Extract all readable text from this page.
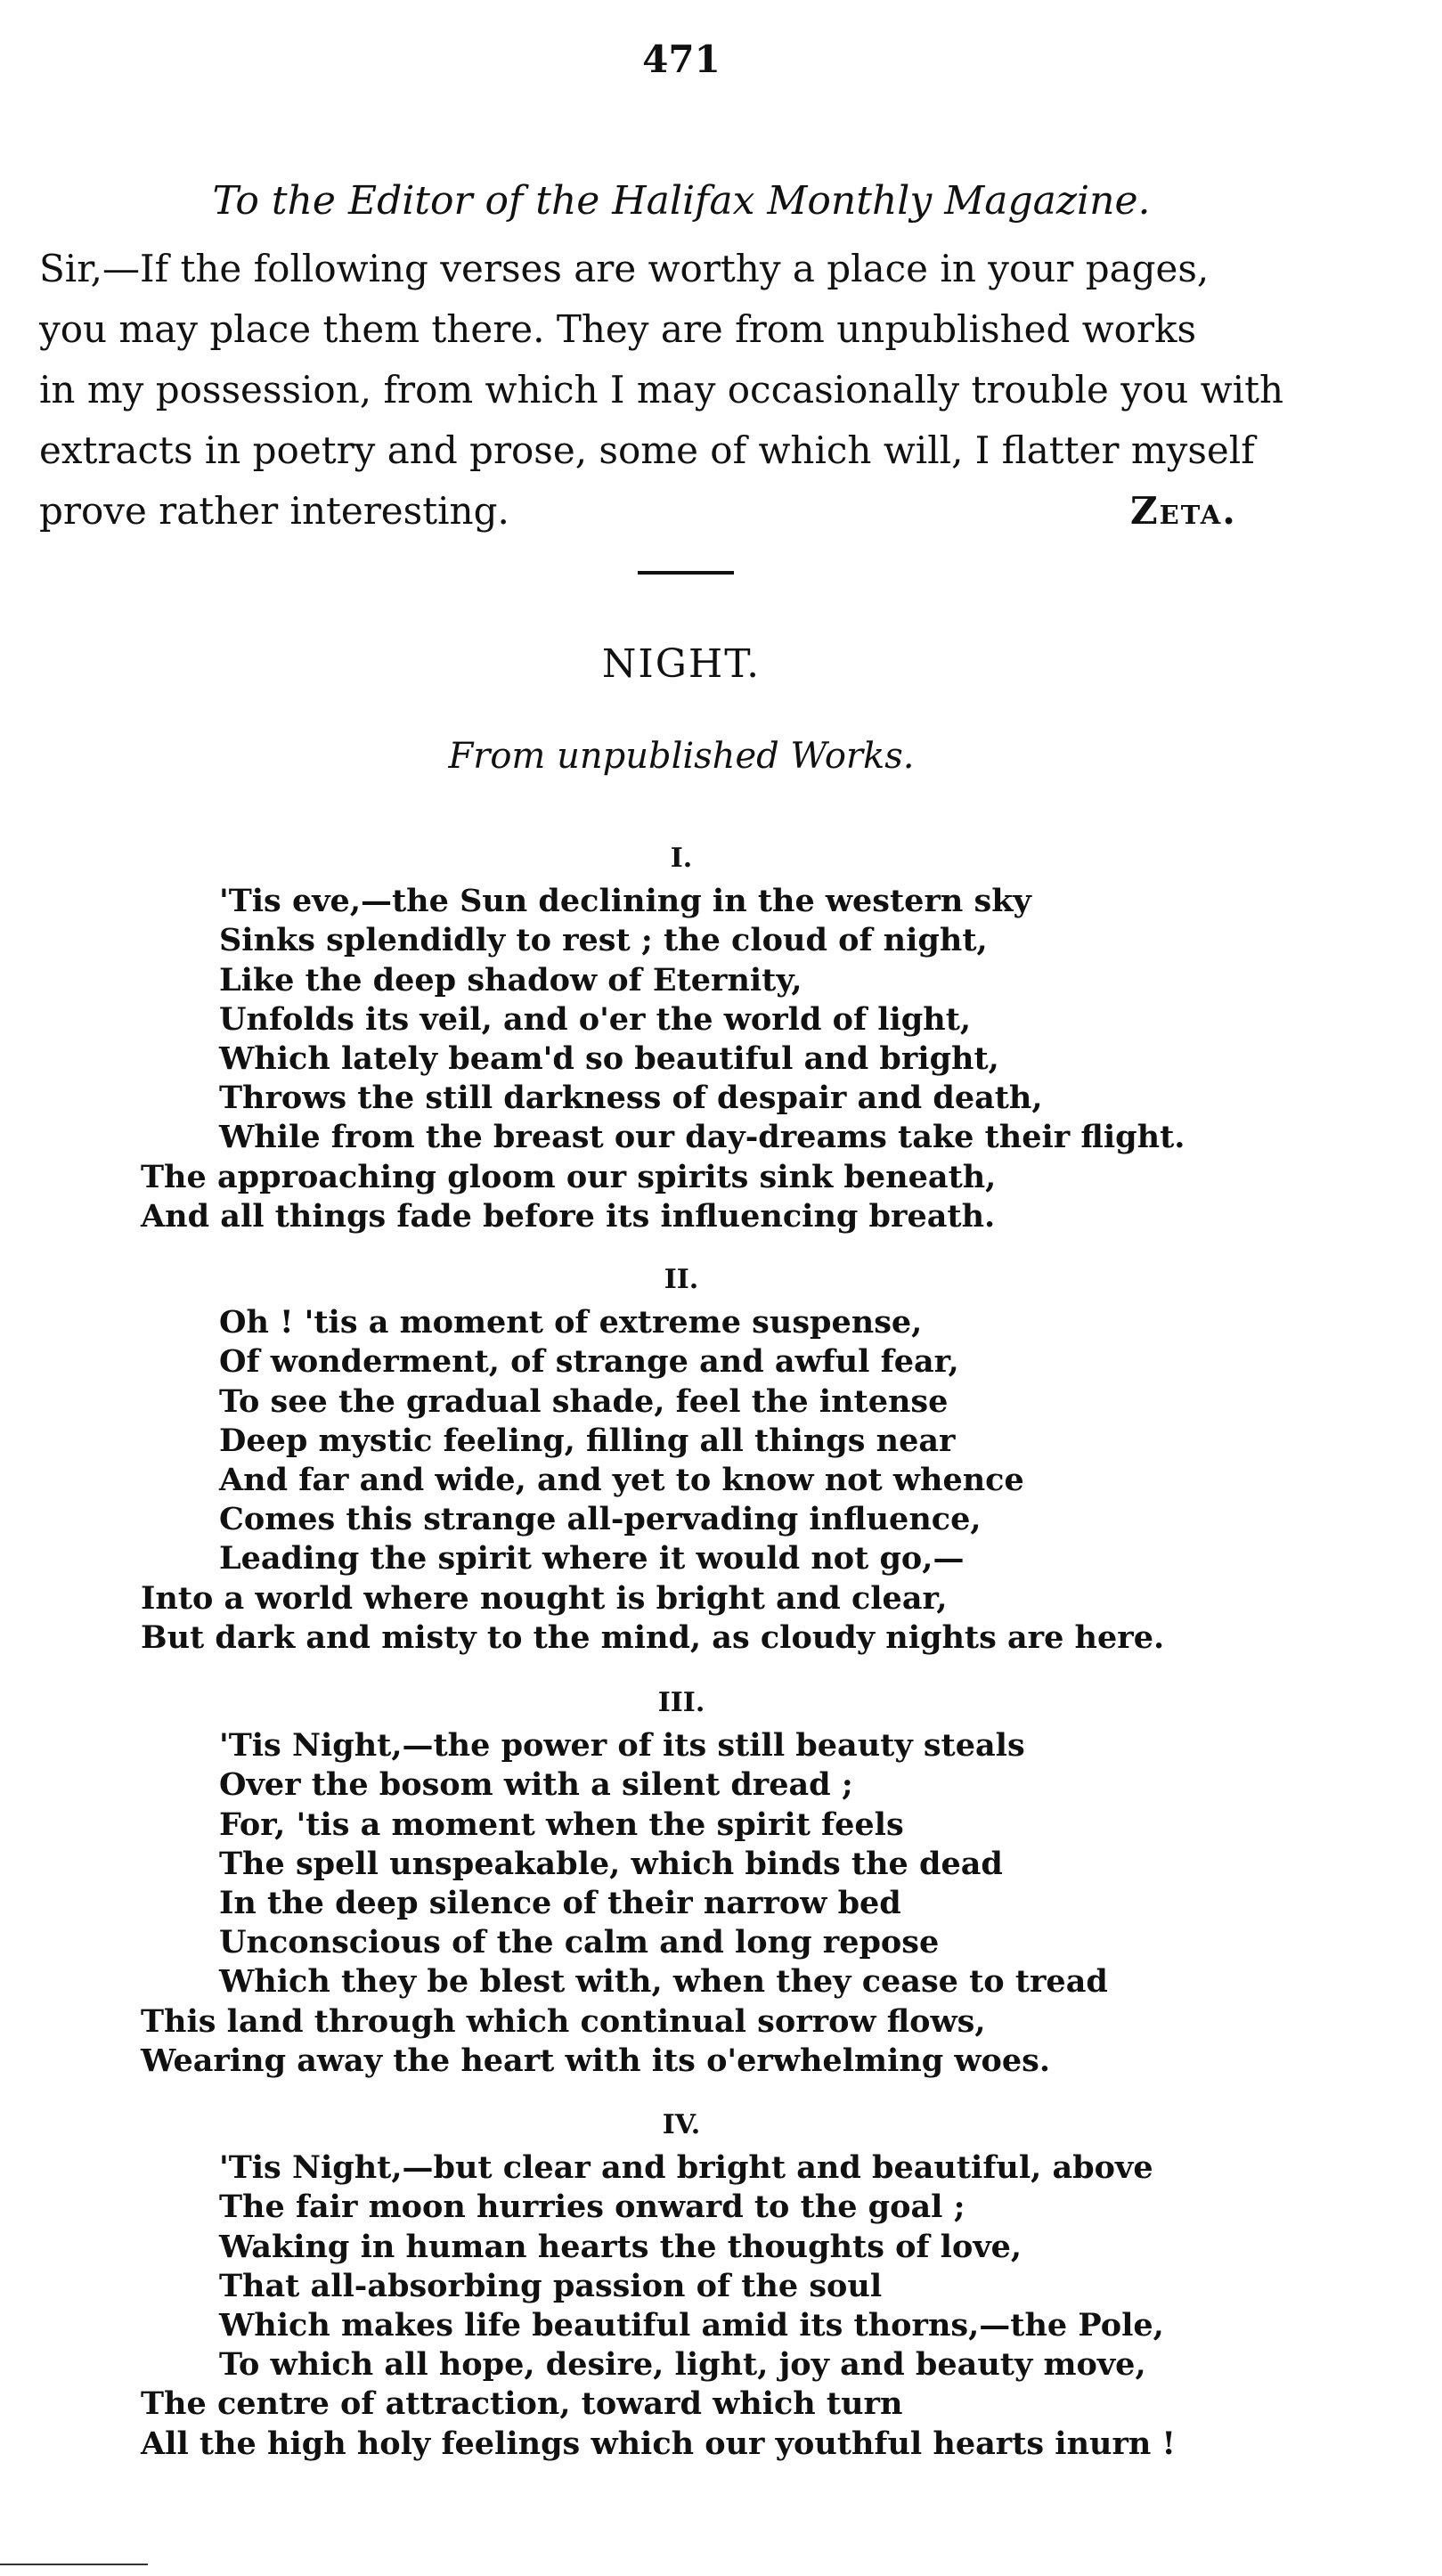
471
To the Editor of the Halifax Monthly Magazine.
Sir,—If the following verses are worthy a place in your pages,
you may place them there. They are from unpublished works
in my possession, from which I may occasionally trouble you with
extracts in poetry and prose, some of which will, I flatter myself
prove rather interesting.	Zeta.
NIGHT.
From unpublished Works.
I.
'Tis eve,—the Sun declining in the western sky
Sinks splendidly to rest ; the cloud of night,
Like the deep shadow of Eternity,
Unfolds its veil, and o'er the world of light,
Which lately beam'd so beautiful and bright,
Throws the still darkness of despair and death,
While from the breast our day-dreams take their flight.
The approaching gloom our spirits sink beneath,
And all things fade before its influencing breath.
II.
Oh ! 'tis a moment of extreme suspense,
Of wonderment, of strange and awful fear,
To see the gradual shade, feel the intense
Deep mystic feeling, filling all things near
And far and wide, and yet to know not whence
Comes this strange all-pervading influence,
Leading the spirit where it would not go,—
Into a world where nought is bright and clear,
But dark and misty to the mind, as cloudy nights are here.
III.
'Tis Night,—the power of its still beauty steals
Over the bosom with a silent dread ;
For, 'tis a moment when the spirit feels
The spell unspeakable, which binds the dead
In the deep silence of their narrow bed
Unconscious of the calm and long repose
Which they be blest with, when they cease to tread
This land through which continual sorrow flows,
Wearing away the heart with its o'erwhelming woes.
IV.
'Tis Night,—but clear and bright and beautiful, above
The fair moon hurries onward to the goal ;
Waking in human hearts the thoughts of love,
That all-absorbing passion of the soul
Which makes life beautiful amid its thorns,—the Pole,
To which all hope, desire, light, joy and beauty move,
The centre of attraction, toward which turn
All the high holy feelings which our youthful hearts inurn !
